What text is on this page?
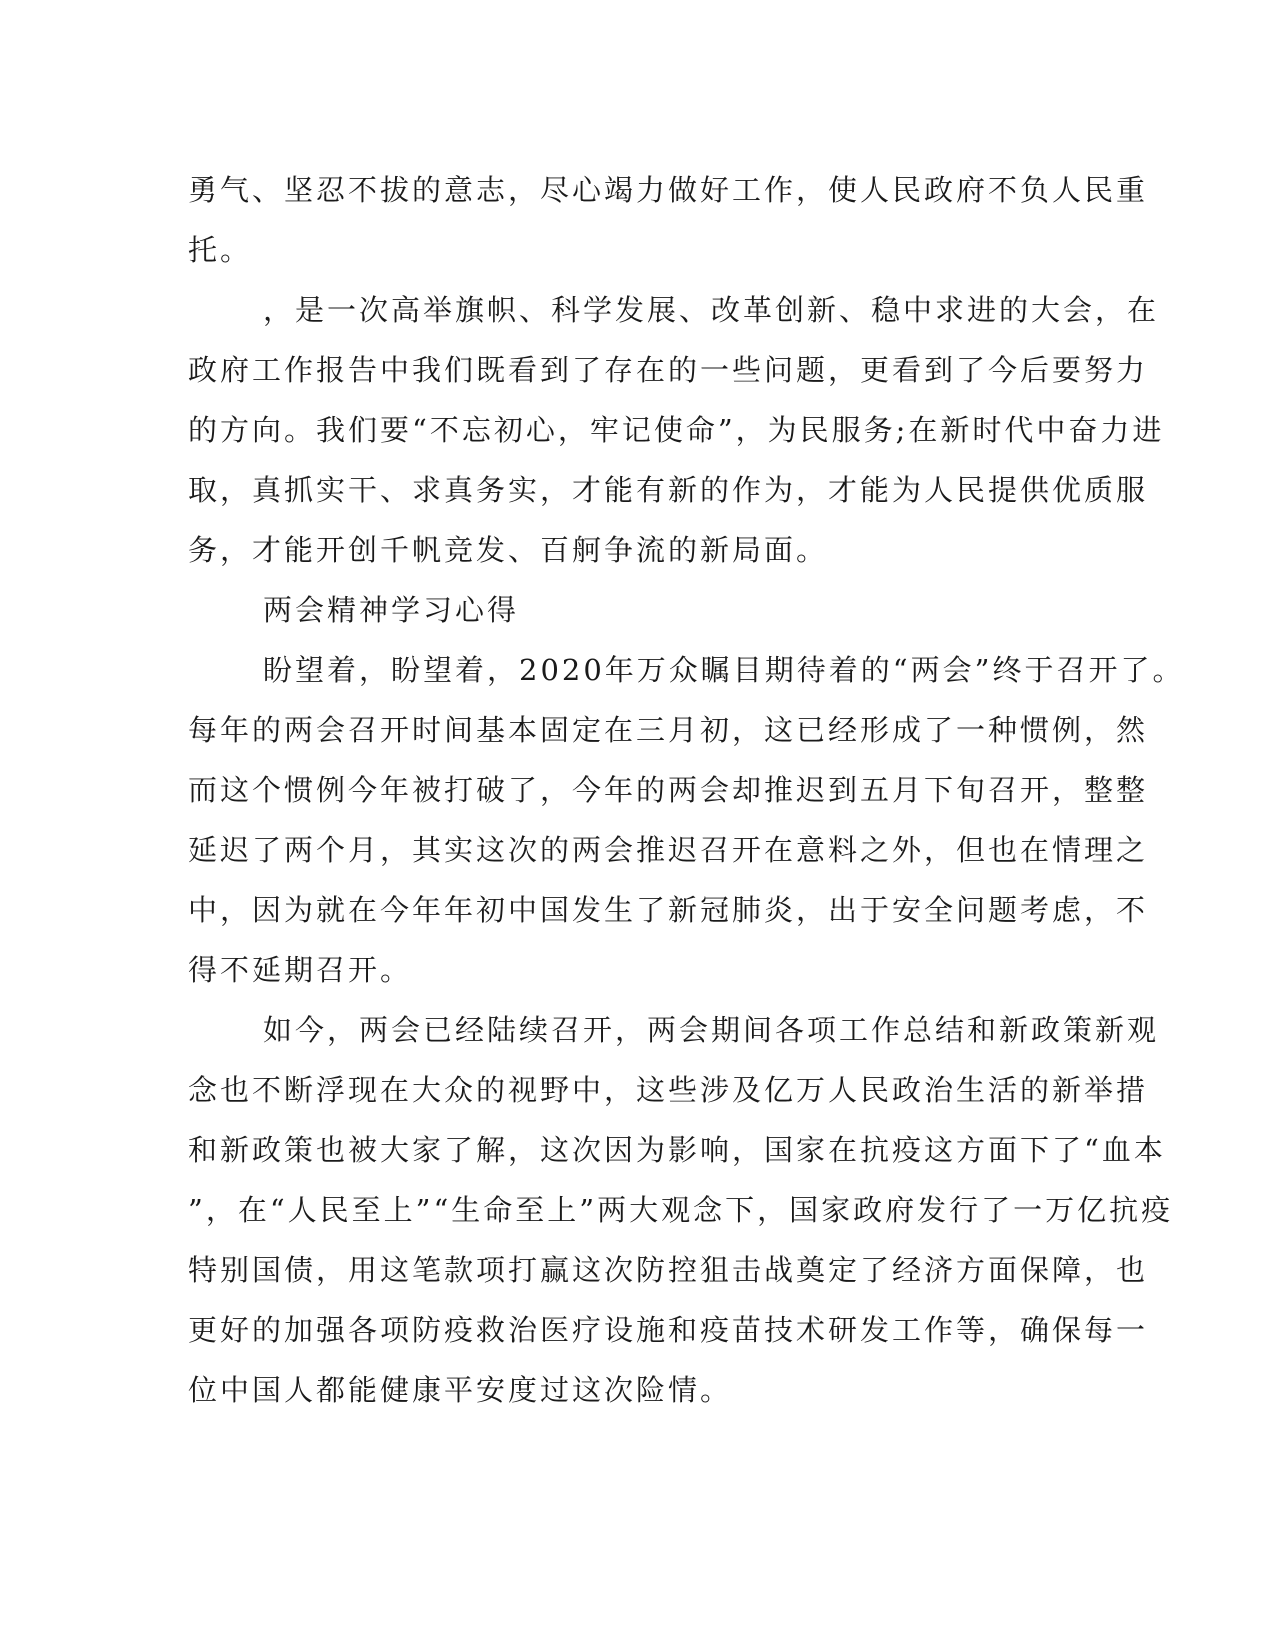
勇气、坚忍不拔的意志，尽心竭力做好工作，使人民政府不负人民重
托。
，是一次高举旗帜、科学发展、改革创新、稳中求进的大会，在
政府工作报告中我们既看到了存在的一些问题，更看到了今后要努力
的方向。我们要“不忘初心，牢记使命”，为民服务;在新时代中奋力进
取，真抓实干、求真务实，才能有新的作为，才能为人民提供优质服
务，才能开创千帆竞发、百舸争流的新局面。
两会精神学习心得
盼望着，盼望着，2020年万众瞩目期待着的“两会”终于召开了。
每年的两会召开时间基本固定在三月初，这已经形成了一种惯例，然
而这个惯例今年被打破了，今年的两会却推迟到五月下旬召开，整整
延迟了两个月，其实这次的两会推迟召开在意料之外，但也在情理之
中，因为就在今年年初中国发生了新冠肺炎，出于安全问题考虑，不
得不延期召开。
如今，两会已经陆续召开，两会期间各项工作总结和新政策新观
念也不断浮现在大众的视野中，这些涉及亿万人民政治生活的新举措
和新政策也被大家了解，这次因为影响，国家在抗疫这方面下了“血本
”，在“人民至上”“生命至上”两大观念下，国家政府发行了一万亿抗疫
特别国债，用这笔款项打赢这次防控狙击战奠定了经济方面保障，也
更好的加强各项防疫救治医疗设施和疫苗技术研发工作等，确保每一
位中国人都能健康平安度过这次险情。
